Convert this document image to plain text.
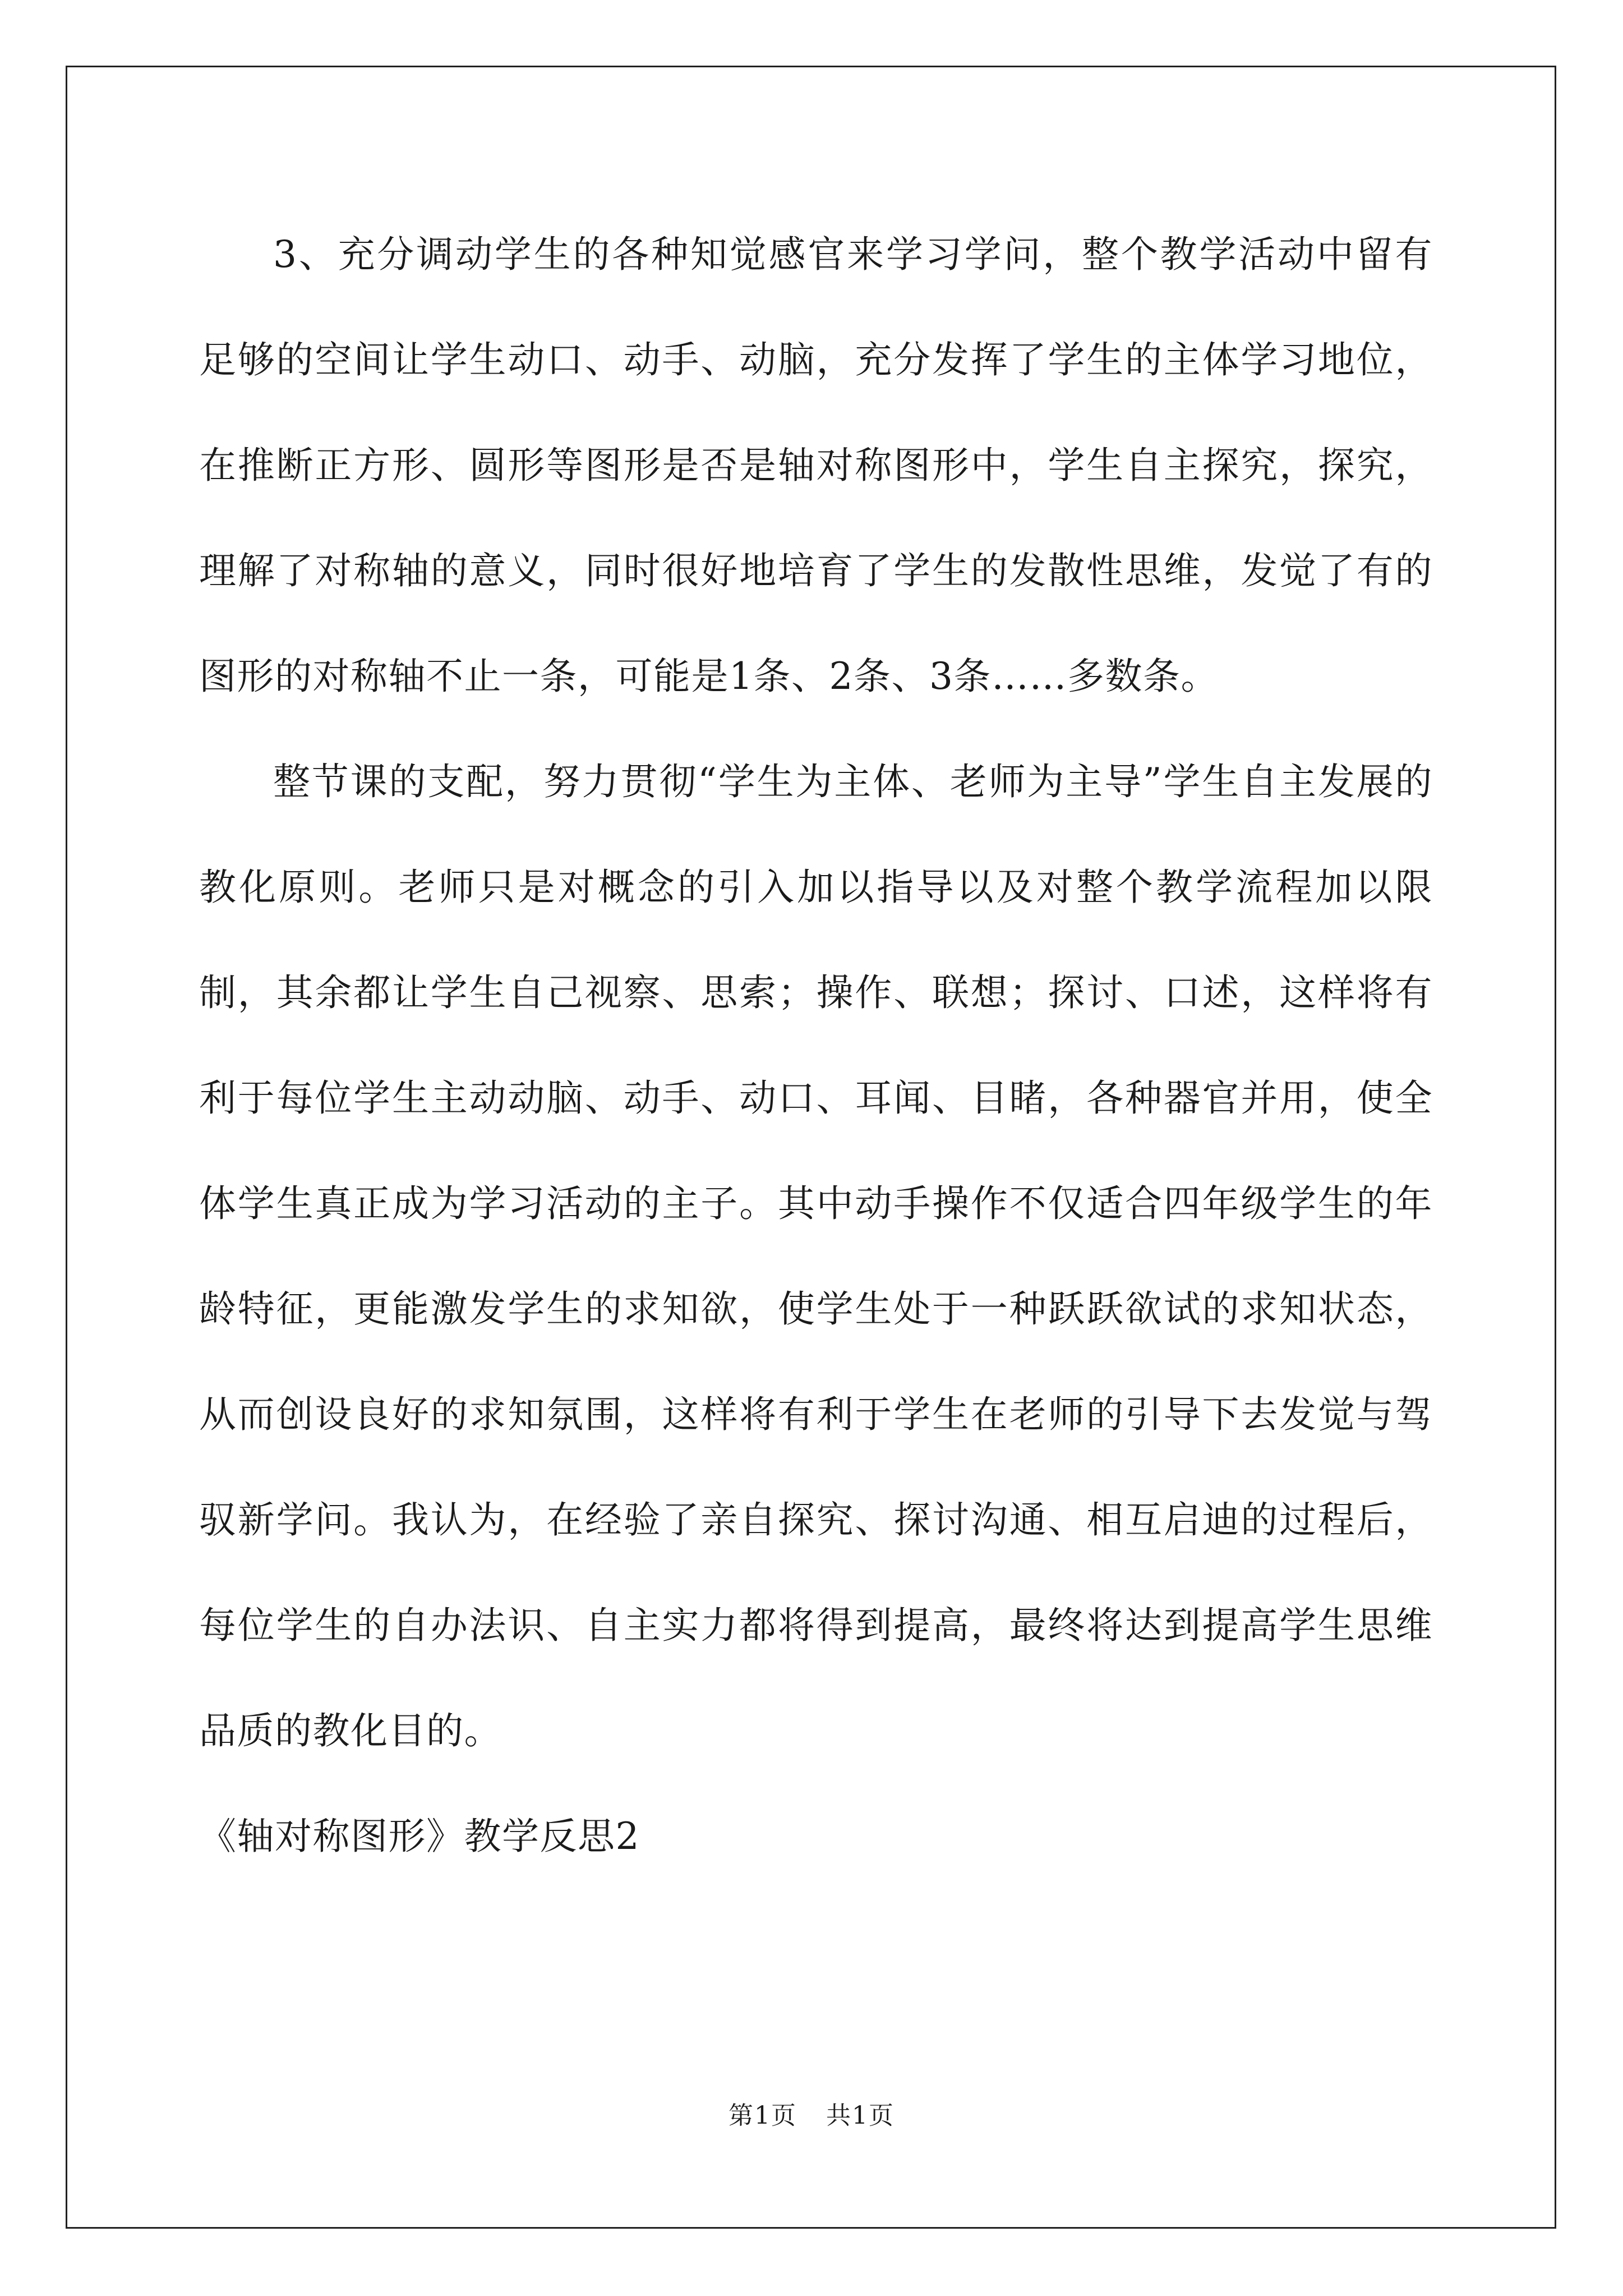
3、充分调动学生的各种知觉感官来学习学问，整个教学活动中留有足够的空间让学生动口、动手、动脑，充分发挥了学生的主体学习地位，在推断正方形、圆形等图形是否是轴对称图形中，学生自主探究，探究，理解了对称轴的意义，同时很好地培育了学生的发散性思维，发觉了有的图形的对称轴不止一条，可能是1条、2条、3条……多数条。

整节课的支配，努力贯彻“学生为主体、老师为主导”学生自主发展的教化原则。老师只是对概念的引入加以指导以及对整个教学流程加以限制，其余都让学生自己视察、思索；操作、联想；探讨、口述，这样将有利于每位学生主动动脑、动手、动口、耳闻、目睹，各种器官并用，使全体学生真正成为学习活动的主子。其中动手操作不仅适合四年级学生的年龄特征，更能激发学生的求知欲，使学生处于一种跃跃欲试的求知状态，从而创设良好的求知氛围，这样将有利于学生在老师的引导下去发觉与驾驭新学问。我认为，在经验了亲自探究、探讨沟通、相互启迪的过程后，每位学生的自办法识、自主实力都将得到提高，最终将达到提高学生思维品质的教化目的。

《轴对称图形》教学反思2

第1页 共1页
